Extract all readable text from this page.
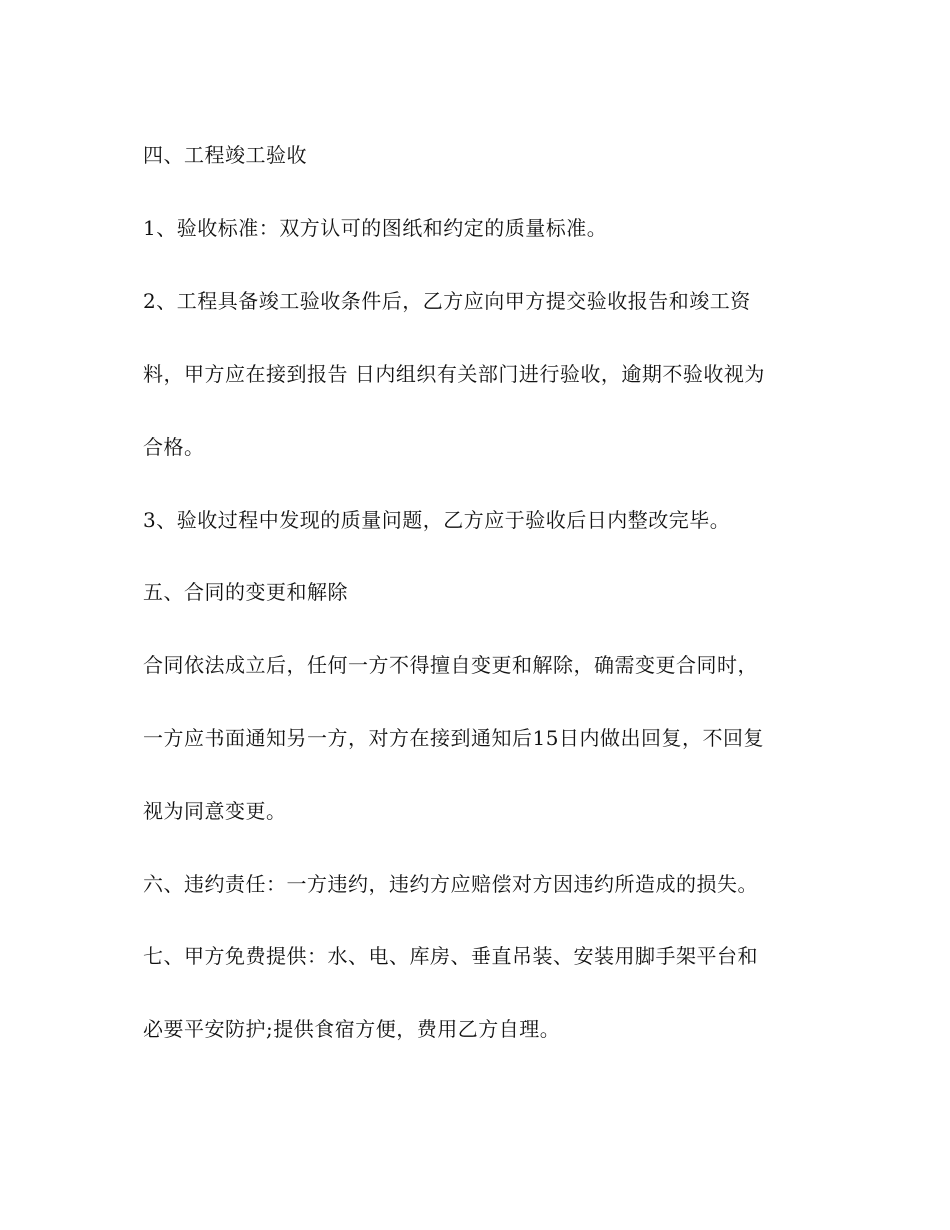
四、工程竣工验收
1、验收标准：双方认可的图纸和约定的质量标准。
2、工程具备竣工验收条件后，乙方应向甲方提交验收报告和竣工资
料，甲方应在接到报告 日内组织有关部门进行验收，逾期不验收视为
合格。
3、验收过程中发现的质量问题，乙方应于验收后日内整改完毕。
五、合同的变更和解除
合同依法成立后，任何一方不得擅自变更和解除，确需变更合同时，
一方应书面通知另一方，对方在接到通知后15日内做出回复，不回复
视为同意变更。
六、违约责任：一方违约，违约方应赔偿对方因违约所造成的损失。
七、甲方免费提供：水、电、库房、垂直吊装、安装用脚手架平台和
必要平安防护;提供食宿方便，费用乙方自理。
